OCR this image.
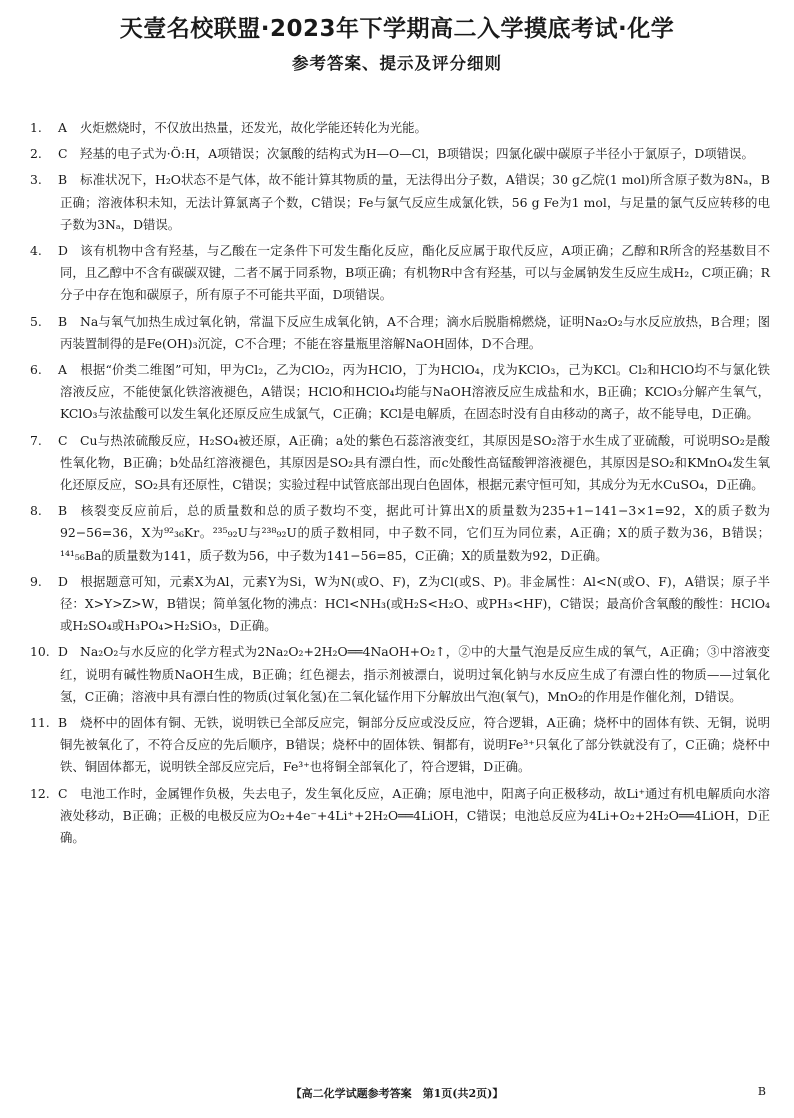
天壹名校联盟·2023年下学期高二入学摸底考试·化学
参考答案、提示及评分细则

1. A 火炬燃烧时，不仅放出热量，还发光，故化学能还转化为光能。

2. C 羟基的电子式为·Ö:H，A项错误；次氯酸的结构式为H—O—Cl，B项错误；四氯化碳中碳原子半径小于氯原子，D项错误。

3. B 标准状况下，H₂O状态不是气体，故不能计算其物质的量，无法得出分子数，A错误；30 g乙烷(1 mol)所含原子数为8Nₐ，B正确；溶液体积未知，无法计算氯离子个数，C错误；Fe与氯气反应生成氯化铁，56 g Fe为1 mol，与足量的氯气反应转移的电子数为3Nₐ，D错误。

4. D 该有机物中含有羟基，与乙酸在一定条件下可发生酯化反应，酯化反应属于取代反应，A项正确；乙醇和R所含的羟基数目不同，且乙醇中不含有碳碳双键，二者不属于同系物，B项正确；有机物R中含有羟基，可以与金属钠发生反应生成H₂，C项正确；R分子中存在饱和碳原子，所有原子不可能共平面，D项错误。

5. B Na与氧气加热生成过氧化钠，常温下反应生成氧化钠，A不合理；滴水后脱脂棉燃烧，证明Na₂O₂与水反应放热，B合理；图丙装置制得的是Fe(OH)₃沉淀，C不合理；不能在容量瓶里溶解NaOH固体，D不合理。

6. A 根据“价类二维图”可知，甲为Cl₂，乙为ClO₂，丙为HClO，丁为HClO₄，戊为KClO₃，己为KCl。Cl₂和HClO均不与氯化铁溶液反应，不能使氯化铁溶液褪色，A错误；HClO和HClO₄均能与NaOH溶液反应生成盐和水，B正确；KClO₃分解产生氧气，KClO₃与浓盐酸可以发生氧化还原反应生成氯气，C正确；KCl是电解质，在固态时没有自由移动的离子，故不能导电，D正确。

7. C Cu与热浓硫酸反应，H₂SO₄被还原，A正确；a处的紫色石蕊溶液变红，其原因是SO₂溶于水生成了亚硫酸，可说明SO₂是酸性氧化物，B正确；b处品红溶液褪色，其原因是SO₂具有漂白性，而c处酸性高锰酸钾溶液褪色，其原因是SO₂和KMnO₄发生氧化还原反应，SO₂具有还原性，C错误；实验过程中试管底部出现白色固体，根据元素守恒可知，其成分为无水CuSO₄，D正确。

8. B 核裂变反应前后，总的质量数和总的质子数均不变，据此可计算出X的质量数为235+1−141−3×1=92，X的质子数为92−56=36，X为⁹²₃₆Kr。²³⁵₉₂U与²³⁸₉₂U的质子数相同，中子数不同，它们互为同位素，A正确；X的质子数为36，B错误；¹⁴¹₅₆Ba的质量数为141，质子数为56，中子数为141−56=85，C正确；X的质量数为92，D正确。

9. D 根据题意可知，元素X为Al，元素Y为Si，W为N(或O、F)，Z为Cl(或S、P)。非金属性：Al<N(或O、F)，A错误；原子半径：X>Y>Z>W，B错误；简单氢化物的沸点：HCl<NH₃(或H₂S<H₂O、或PH₃<HF)，C错误；最高价含氧酸的酸性：HClO₄或H₂SO₄或H₃PO₄>H₂SiO₃，D正确。

10. D Na₂O₂与水反应的化学方程式为2Na₂O₂+2H₂O══4NaOH+O₂↑，②中的大量气泡是反应生成的氧气，A正确；③中溶液变红，说明有碱性物质NaOH生成，B正确；红色褪去，指示剂被漂白，说明过氧化钠与水反应生成了有漂白性的物质——过氧化氢，C正确；溶液中具有漂白性的物质(过氧化氢)在二氧化锰作用下分解放出气泡(氧气)，MnO₂的作用是作催化剂，D错误。

11. B 烧杯中的固体有铜、无铁，说明铁已全部反应完，铜部分反应或没反应，符合逻辑，A正确；烧杯中的固体有铁、无铜，说明铜先被氧化了，不符合反应的先后顺序，B错误；烧杯中的固体铁、铜都有，说明Fe³⁺只氧化了部分铁就没有了，C正确；烧杯中铁、铜固体都无，说明铁全部反应完后，Fe³⁺也将铜全部氧化了，符合逻辑，D正确。

12. C 电池工作时，金属锂作负极，失去电子，发生氧化反应，A正确；原电池中，阳离子向正极移动，故Li⁺通过有机电解质向水溶液处移动，B正确；正极的电极反应为O₂+4e⁻+4Li⁺+2H₂O══4LiOH，C错误；电池总反应为4Li+O₂+2H₂O══4LiOH，D正确。

【高二化学试题参考答案　第1页(共2页)】	B
